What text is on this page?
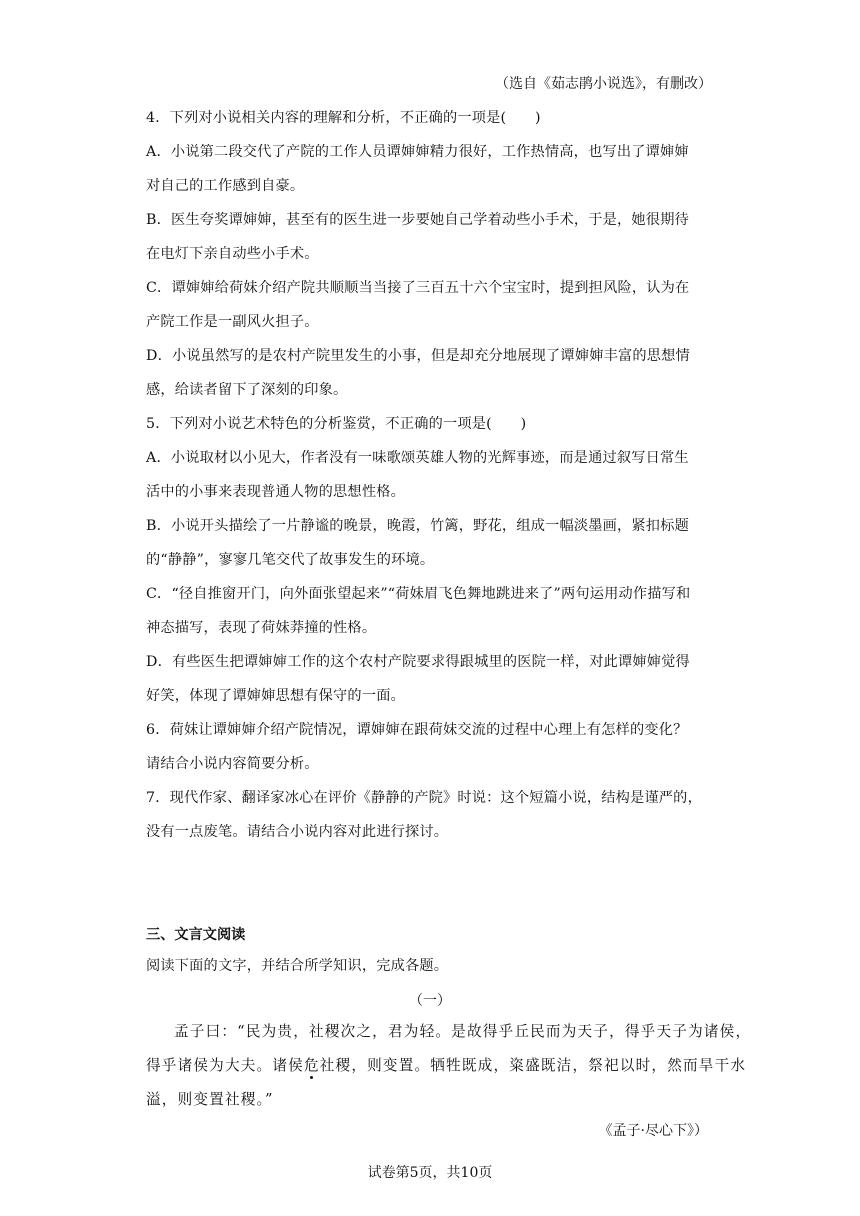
（选自《茹志鹃小说选》，有删改）
4．下列对小说相关内容的理解和分析，不正确的一项是(　　)
A．小说第二段交代了产院的工作人员谭婶婶精力很好，工作热情高，也写出了谭婶婶
对自己的工作感到自豪。
B．医生夸奖谭婶婶，甚至有的医生进一步要她自己学着动些小手术，于是，她很期待
在电灯下亲自动些小手术。
C．谭婶婶给荷妹介绍产院共顺顺当当接了三百五十六个宝宝时，提到担风险，认为在
产院工作是一副风火担子。
D．小说虽然写的是农村产院里发生的小事，但是却充分地展现了谭婶婶丰富的思想情
感，给读者留下了深刻的印象。
5．下列对小说艺术特色的分析鉴赏，不正确的一项是(　　)
A．小说取材以小见大，作者没有一味歌颂英雄人物的光辉事迹，而是通过叙写日常生
活中的小事来表现普通人物的思想性格。
B．小说开头描绘了一片静谧的晚景，晚霞，竹篱，野花，组成一幅淡墨画，紧扣标题
的“静静”，寥寥几笔交代了故事发生的环境。
C．“径自推窗开门，向外面张望起来”“荷妹眉飞色舞地跳进来了”两句运用动作描写和
神态描写，表现了荷妹莽撞的性格。
D．有些医生把谭婶婶工作的这个农村产院要求得跟城里的医院一样，对此谭婶婶觉得
好笑，体现了谭婶婶思想有保守的一面。
6．荷妹让谭婶婶介绍产院情况，谭婶婶在跟荷妹交流的过程中心理上有怎样的变化？
请结合小说内容简要分析。
7．现代作家、翻译家冰心在评价《静静的产院》时说：这个短篇小说，结构是谨严的，
没有一点废笔。请结合小说内容对此进行探讨。
三、文言文阅读
阅读下面的文字，并结合所学知识，完成各题。
（一）
孟子曰：“民为贵，社稷次之，君为轻。是故得乎丘民而为天子，得乎天子为诸侯，
得乎诸侯为大夫。诸侯危社稷，则变置。牺牲既成，粢盛既洁，祭祀以时，然而旱干水
溢，则变置社稷。”
《孟子·尽心下》）
试卷第5页，共10页
